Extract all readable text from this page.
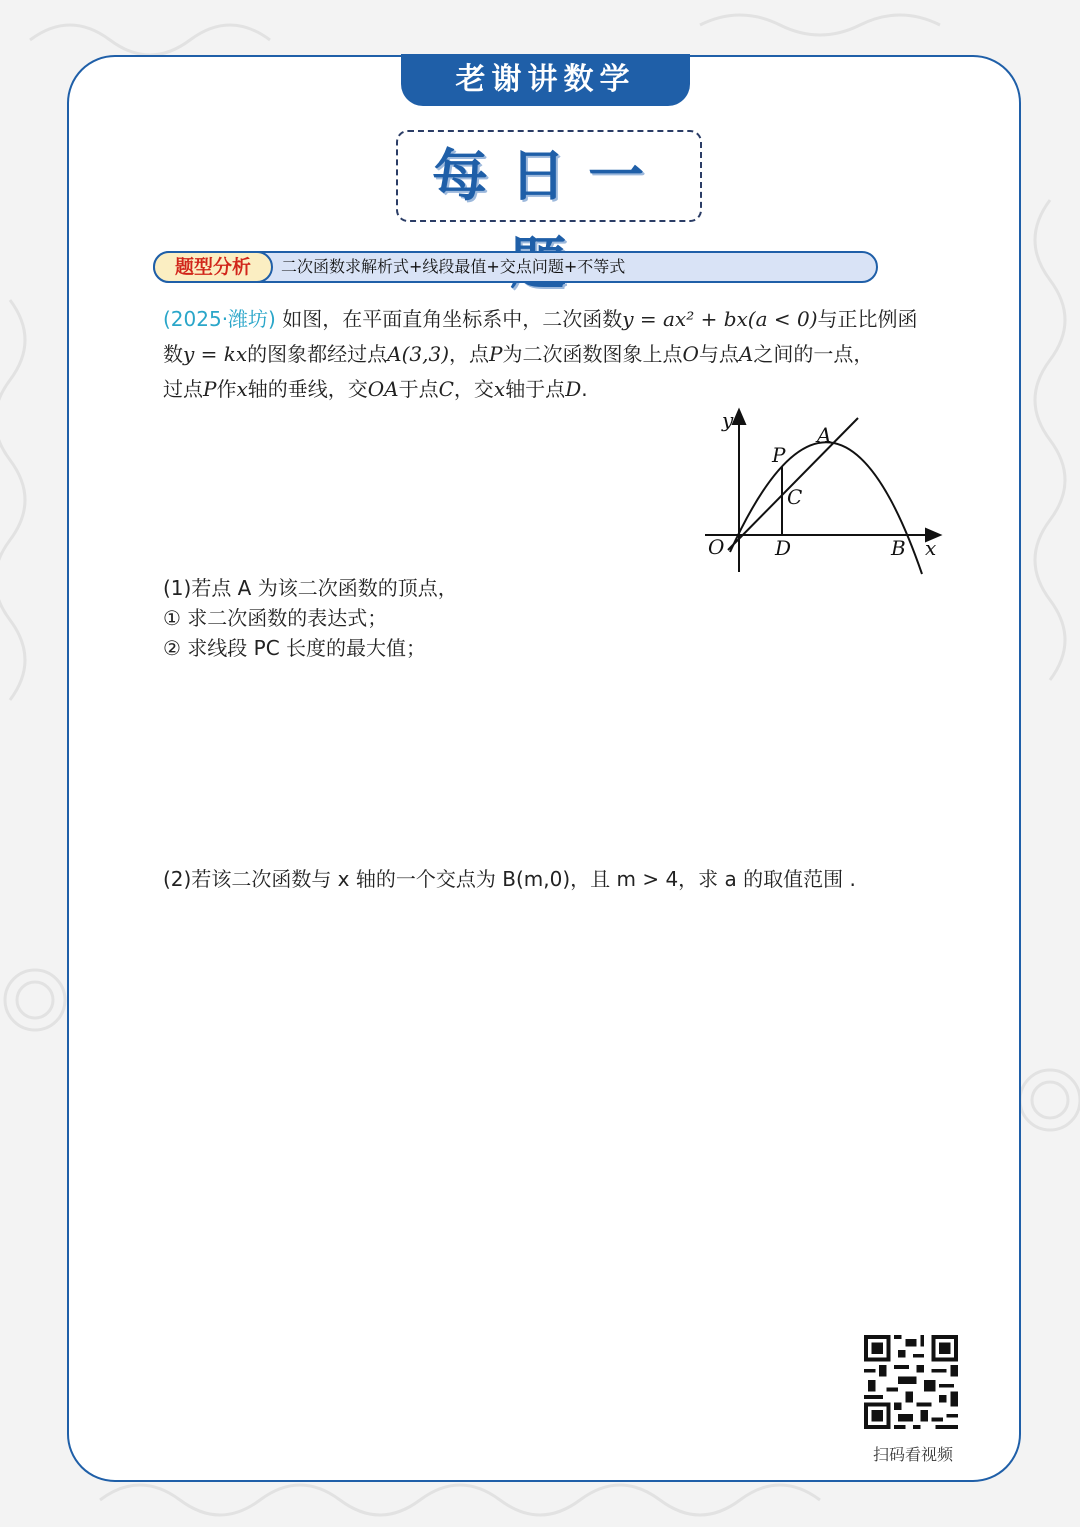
老谢讲数学
每日一
题型分析	二次函数求解析式+线段最值+交点问题+不等式
(2025·潍坊) 如图，在平面直角坐标系中，二次函数y = ax² + bx(a < 0)与正比例函
数y = kx的图象都经过点A(3,3)，点P为二次函数图象上点O与点A之间的一点，
过点P作x轴的垂线，交OA于点C，交x轴于点D.
y
A
P
C
O	D	B x
(1)若点 A 为该二次函数的顶点，
① 求二次函数的表达式；
② 求线段 PC 长度的最大值；
(2)若该二次函数与 x 轴的一个交点为 B(m,0)，且 m > 4，求 a 的取值范围 .
扫码看视频
